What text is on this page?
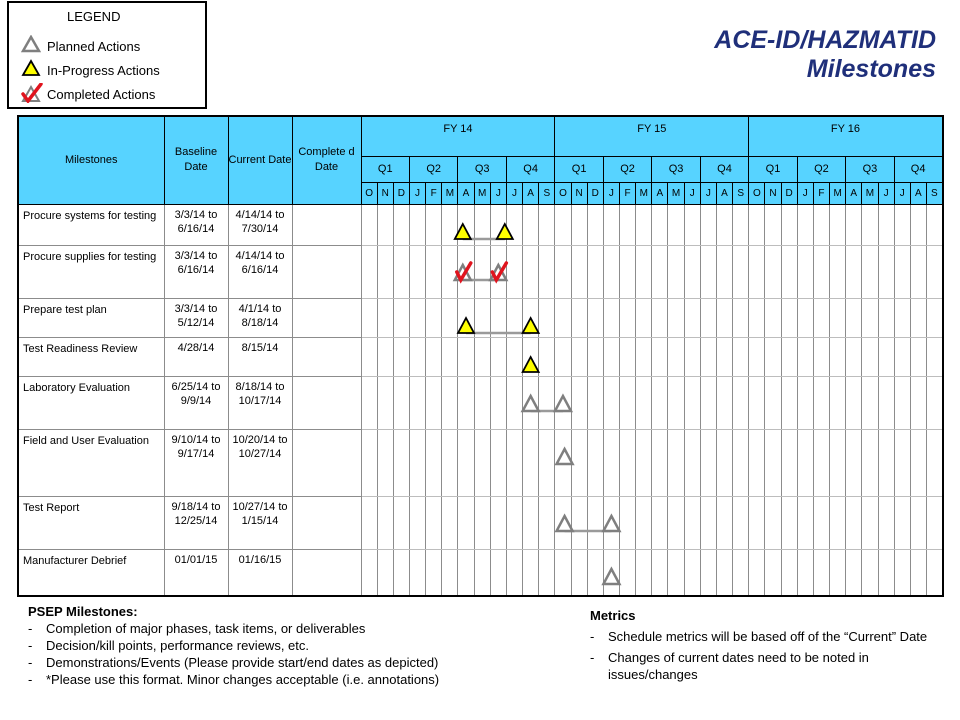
LEGEND
Planned Actions
In-Progress Actions
Completed Actions
ACE-ID/HAZMATID
Milestones
Milestones	Baseline Date	Current Date	Complete d Date	FY 14												FY 15												FY 16											
				Q1			Q2			Q3			Q4			Q1			Q2			Q3			Q4			Q1			Q2			Q3			Q4		
				O	N	D	J	F	M	A	M	J	J	A	S	O	N	D	J	F	M	A	M	J	J	A	S	O	N	D	J	F	M	A	M	J	J	A	S
Procure systems for testing	3/3/14 to 6/16/14	4/14/14 to 7/30/14																																					
Procure supplies for testing	3/3/14 to 6/16/14	4/14/14 to 6/16/14																																					
Prepare test plan	3/3/14 to 5/12/14	4/1/14 to 8/18/14																																					
Test Readiness Review	4/28/14	8/15/14																																					
Laboratory Evaluation	6/25/14 to 9/9/14	8/18/14 to 10/17/14																																					
Field and User Evaluation	9/10/14 to 9/17/14	10/20/14 to 10/27/14																																					
Test Report	9/18/14 to 12/25/14	10/27/14 to 1/15/14																																					
Manufacturer Debrief	01/01/15	01/16/15																																					
PSEP Milestones:
- Completion of major phases, task items, or deliverables
- Decision/kill points, performance reviews, etc.
- Demonstrations/Events (Please provide start/end dates as depicted)
- *Please use this format. Minor changes acceptable (i.e. annotations)
Metrics
- Schedule metrics will be based off of the “Current” Date
- Changes of current dates need to be noted in issues/changes
